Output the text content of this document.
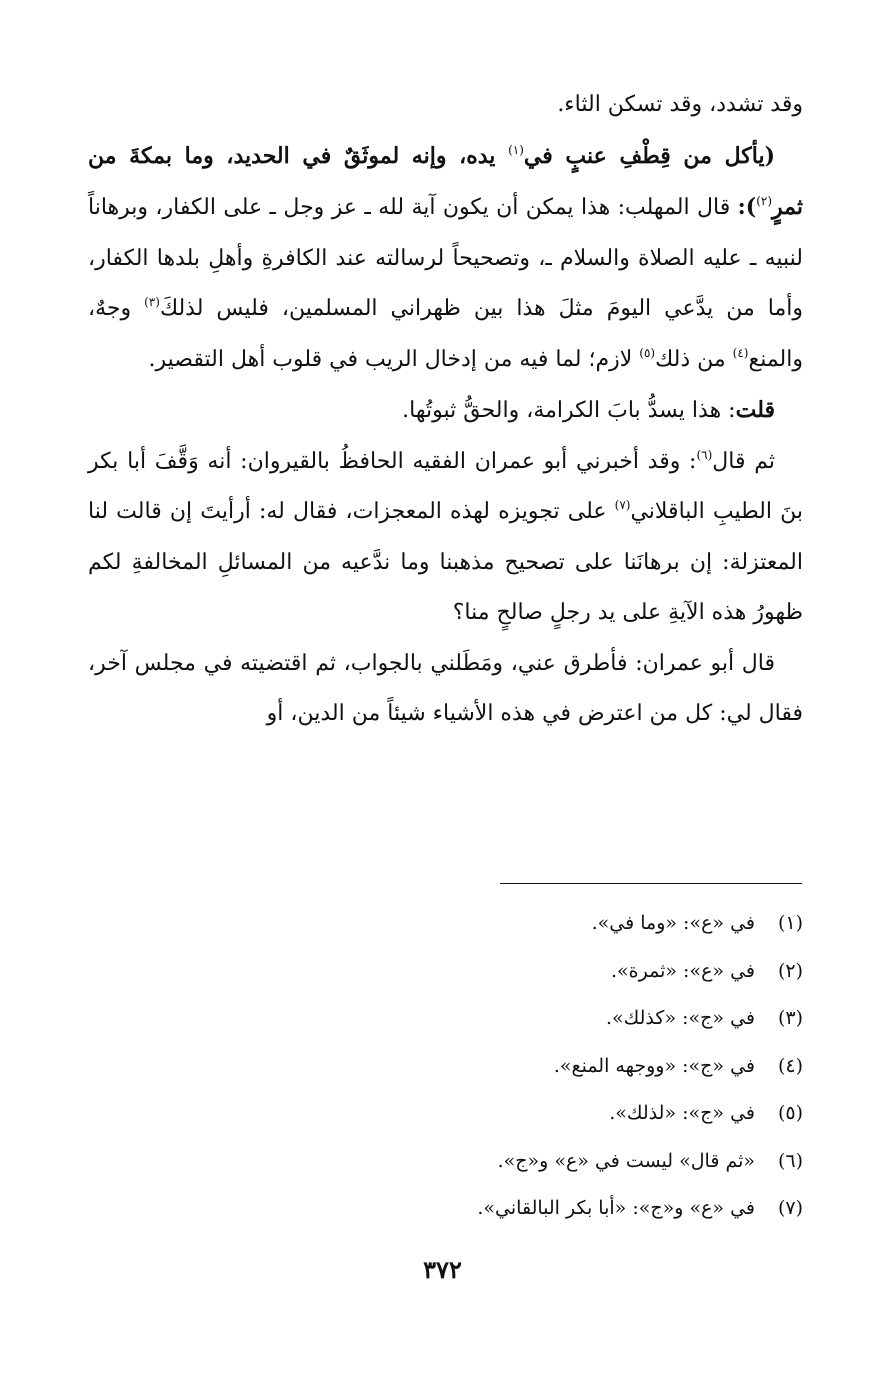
وقد تشدد، وقد تسكن الثاء.

(يأكل من قِطْفِ عنبٍ في$^{(١)}$ يده، وإنه لموثَقٌ في الحديد، وما بمكةَ من ثمرٍ$^{(٢)}$): قال المهلب: هذا يمكن أن يكون آية لله ـ عز وجل ـ على الكفار، وبرهاناً لنبيه ـ عليه الصلاة والسلام ـ، وتصحيحاً لرسالته عند الكافرةِ وأهلِ بلدها الكفار، وأما من يدَّعي اليومَ مثلَ هذا بين ظهراني المسلمين، فليس لذلكَ$^{(٣)}$ وجهٌ، والمنع$^{(٤)}$ من ذلك$^{(٥)}$ لازم؛ لما فيه من إدخال الريب في قلوب أهل التقصير.

قلت: هذا يسدُّ بابَ الكرامة، والحقُّ ثبوتُها.

ثم قال$^{(٦)}$: وقد أخبرني أبو عمران الفقيه الحافظُ بالقيروان: أنه وَقَّفَ أبا بكر بنَ الطيبِ الباقلاني$^{(٧)}$ على تجويزه لهذه المعجزات، فقال له: أرأيتَ إن قالت لنا المعتزلة: إن برهانَنا على تصحيح مذهبنا وما ندَّعيه من المسائلِ المخالفةِ لكم ظهورُ هذه الآيةِ على يد رجلٍ صالحٍ منا؟

قال أبو عمران: فأطرق عني، ومَطَلني بالجواب، ثم اقتضيته في مجلس آخر، فقال لي: كل من اعترض في هذه الأشياء شيئاً من الدين، أو

(١)
في «ع»: «وما في».
(٢)
في «ع»: «ثمرة».
(٣)
في «ج»: «كذلك».
(٤)
في «ج»: «ووجهه المنع».
(٥)
في «ج»: «لذلك».
(٦)
«ثم قال» ليست في «ع» و«ج».
(٧)
في «ع» و«ج»: «أبا بكر البالقاني».
٣٧٢
